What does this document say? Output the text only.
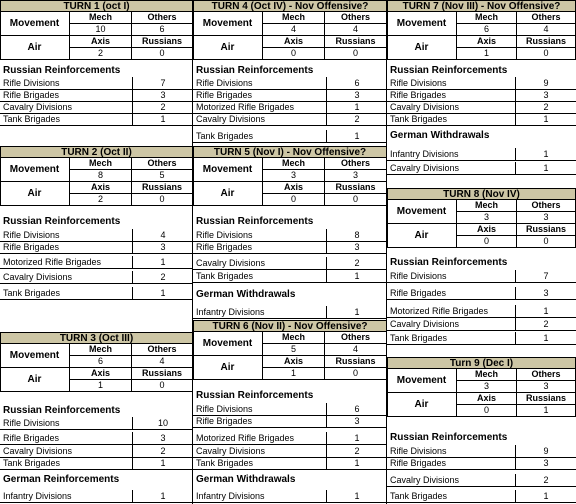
TURN 1 (oct I)
Movement
Mech	Others
10	6
Air
Axis	Russians
2	0
Russian Reinforcements
Rifle Divisions	7
Rifle Brigades	3
Cavalry Divisions	2
Tank Brigades	1
TURN 2 (Oct II)
Movement
Mech	Others
8	5
Air
Axis	Russians
2	0
Russian Reinforcements
Rifle Divisions	4
Rifle Brigades	3
Motorized Rifle Brigades	1
Cavalry Divisions	2
Tank Brigades	1
TURN 3 (Oct III)
Movement
Mech	Others
6	4
Air
Axis	Russians
1	0
Russian Reinforcements
Rifle Divisions	10
Rifle Brigades	3
Cavalry Divisions	2
Tank Brigades	1
German Reinforcements
Infantry Divisions	1
TURN 4 (Oct IV) - Nov Offensive?
Movement
Mech	Others
4	4
Air
Axis	Russians
0	0
Russian Reinforcements
Rifle Divisions	6
Rifle Brigades	3
Motorized Rifle Brigades	1
Cavalry Divisions	2
Tank Brigades	1
TURN 5 (Nov I) - Nov Offensive?
Movement
Mech	Others
3	3
Air
Axis	Russians
0	0
Russian Reinforcements
Rifle Divisions	8
Rifle Brigades	3
Cavalry Divisions	2
Tank Brigades	1
German Withdrawals
Infantry Divisions	1
TURN 6 (Nov II) - Nov Offensive?
Movement
Mech	Others
5	4
Air
Axis	Russians
1	0
Russian Reinforcements
Rifle Divisions	6
Rifle Brigades	3
Motorized Rifle Brigades	1
Cavalry Divisions	2
Tank Brigades	1
German Withdrawals
Infantry Divisions	1
TURN 7 (Nov III) - Nov Offensive?
Movement
Mech	Others
6	4
Air
Axis	Russians
1	0
Russian Reinforcements
Rifle Divisions	9
Rifle Brigades	3
Cavalry Divisions	2
Tank Brigades	1
German Withdrawals
Infantry Divisions	1
Cavalry Divisions	1
TURN 8 (Nov IV)
Movement
Mech	Others
3	3
Air
Axis	Russians
0	0
Russian Reinforcements
Rifle Divisions	7
Rifle Brigades	3
Motorized Rifle Brigades	1
Cavalry Divisions	2
Tank Brigades	1
Turn 9 (Dec I)
Movement
Mech	Others
3	3
Air
Axis	Russians
0	1
Russian Reinforcements
Rifle Divisions	9
Rifle Brigades	3
Cavalry Divisions	2
Tank Brigades	1
